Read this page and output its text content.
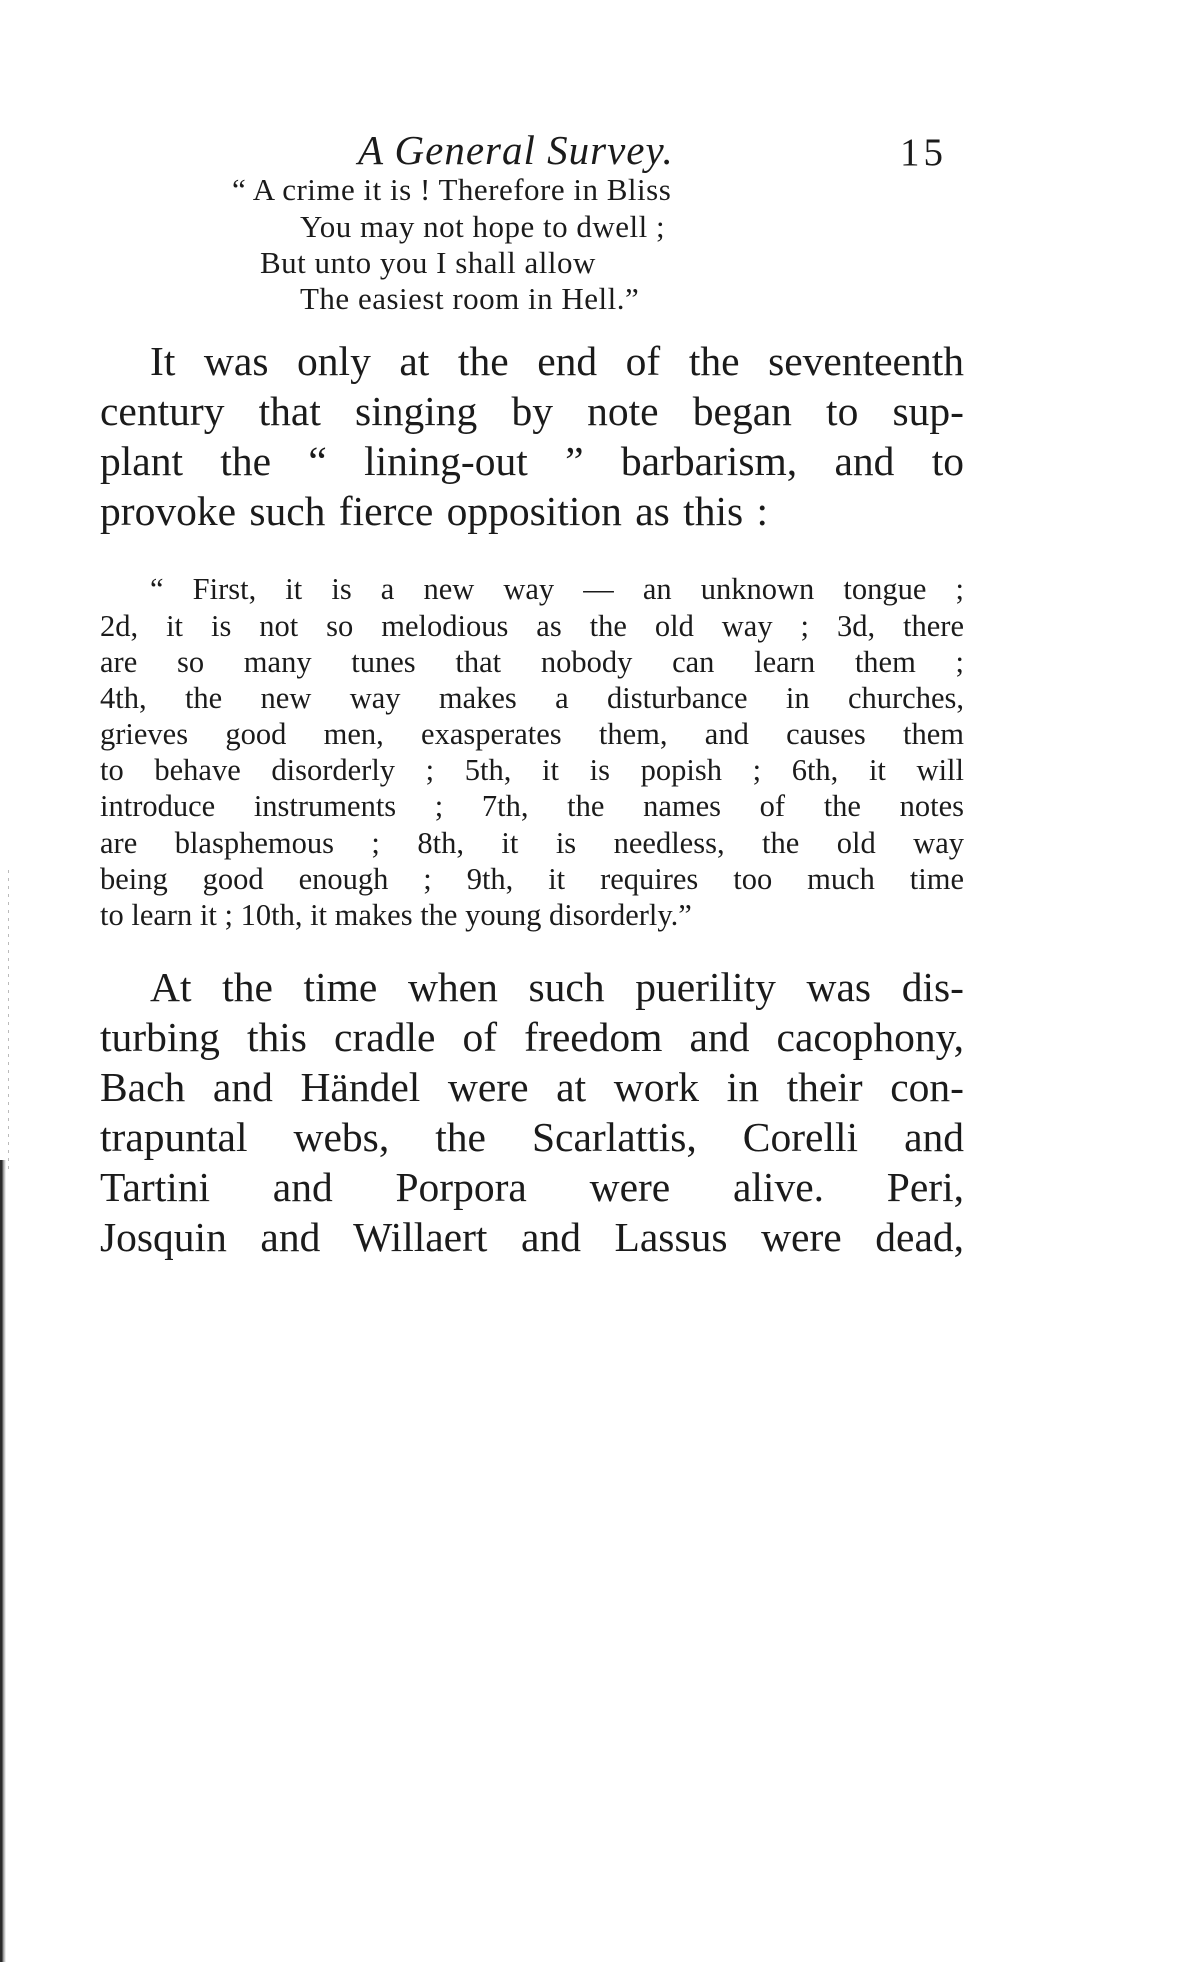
A General Survey.	15
“ A crime it is ! Therefore in Bliss
You may not hope to dwell ;
But unto you I shall allow
The easiest room in Hell.”
It was only at the end of the seventeenth
century that singing by note began to sup-
plant the “ lining-out ” barbarism, and to
provoke such fierce opposition as this :
“ First, it is a new way — an unknown tongue ;
2d, it is not so melodious as the old way ; 3d, there
are so many tunes that nobody can learn them ;
4th, the new way makes a disturbance in churches,
grieves good men, exasperates them, and causes them
to behave disorderly ; 5th, it is popish ; 6th, it will
introduce instruments ; 7th, the names of the notes
are blasphemous ; 8th, it is needless, the old way
being good enough ; 9th, it requires too much time
to learn it ; 10th, it makes the young disorderly.”
At the time when such puerility was dis-
turbing this cradle of freedom and cacophony,
Bach and Händel were at work in their con-
trapuntal webs, the Scarlattis, Corelli and
Tartini and Porpora were alive. Peri,
Josquin and Willaert and Lassus were dead,
